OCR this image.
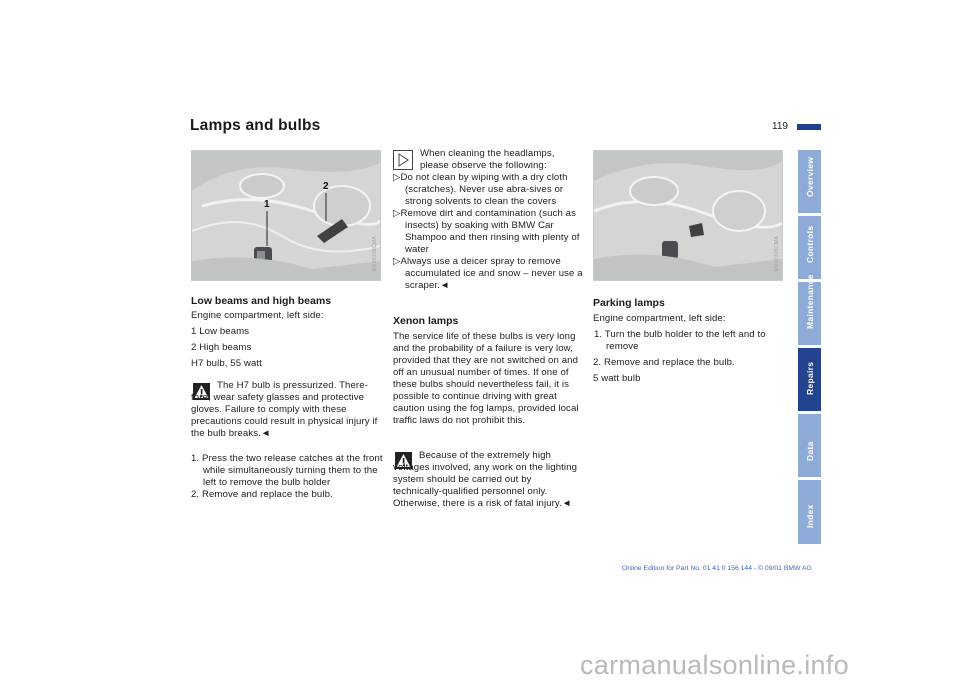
Lamps and bulbs	119
1
2
MV00308CMA
Low beams and high beams

Engine compartment, left side:

1 Low beams

2 High beams

H7 bulb, 55 watt

The H7 bulb is pressurized. There-fore, wear safety glasses and protective gloves. Failure to comply with these precautions could result in physical injury if the bulb breaks.◄

1. Press the two release catches at the front while simultaneously turning them to the left to remove the bulb holder

2. Remove and replace the bulb.

When cleaning the headlamps, please observe the following:

▷Do not clean by wiping with a dry cloth (scratches). Never use abra-sives or strong solvents to clean the covers

▷Remove dirt and contamination (such as insects) by soaking with BMW Car Shampoo and then rinsing with plenty of water

▷Always use a deicer spray to remove accumulated ice and snow – never use a scraper.◄

Xenon lamps
The service life of these bulbs is very long and the probability of a failure is very low, provided that they are not switched on and off an unusual number of times. If one of these bulbs should nevertheless fail, it is possible to continue driving with great caution using the fog lamps, provided local traffic laws do not prohibit this.
Because of the extremely high voltages involved, any work on the lighting system should be carried out by technically-qualified personnel only. Otherwise, there is a risk of fatal injury.◄
MV00309CMA
Parking lamps

Engine compartment, left side:

1. Turn the bulb holder to the left and to remove

2. Remove and replace the bulb.

5 watt bulb

Overview
Controls
Maintenance
Repairs
Data
Index
Online Edition for Part No. 01 41 0 156 144 - © 09/01 BMW AG
carmanualsonline.info
